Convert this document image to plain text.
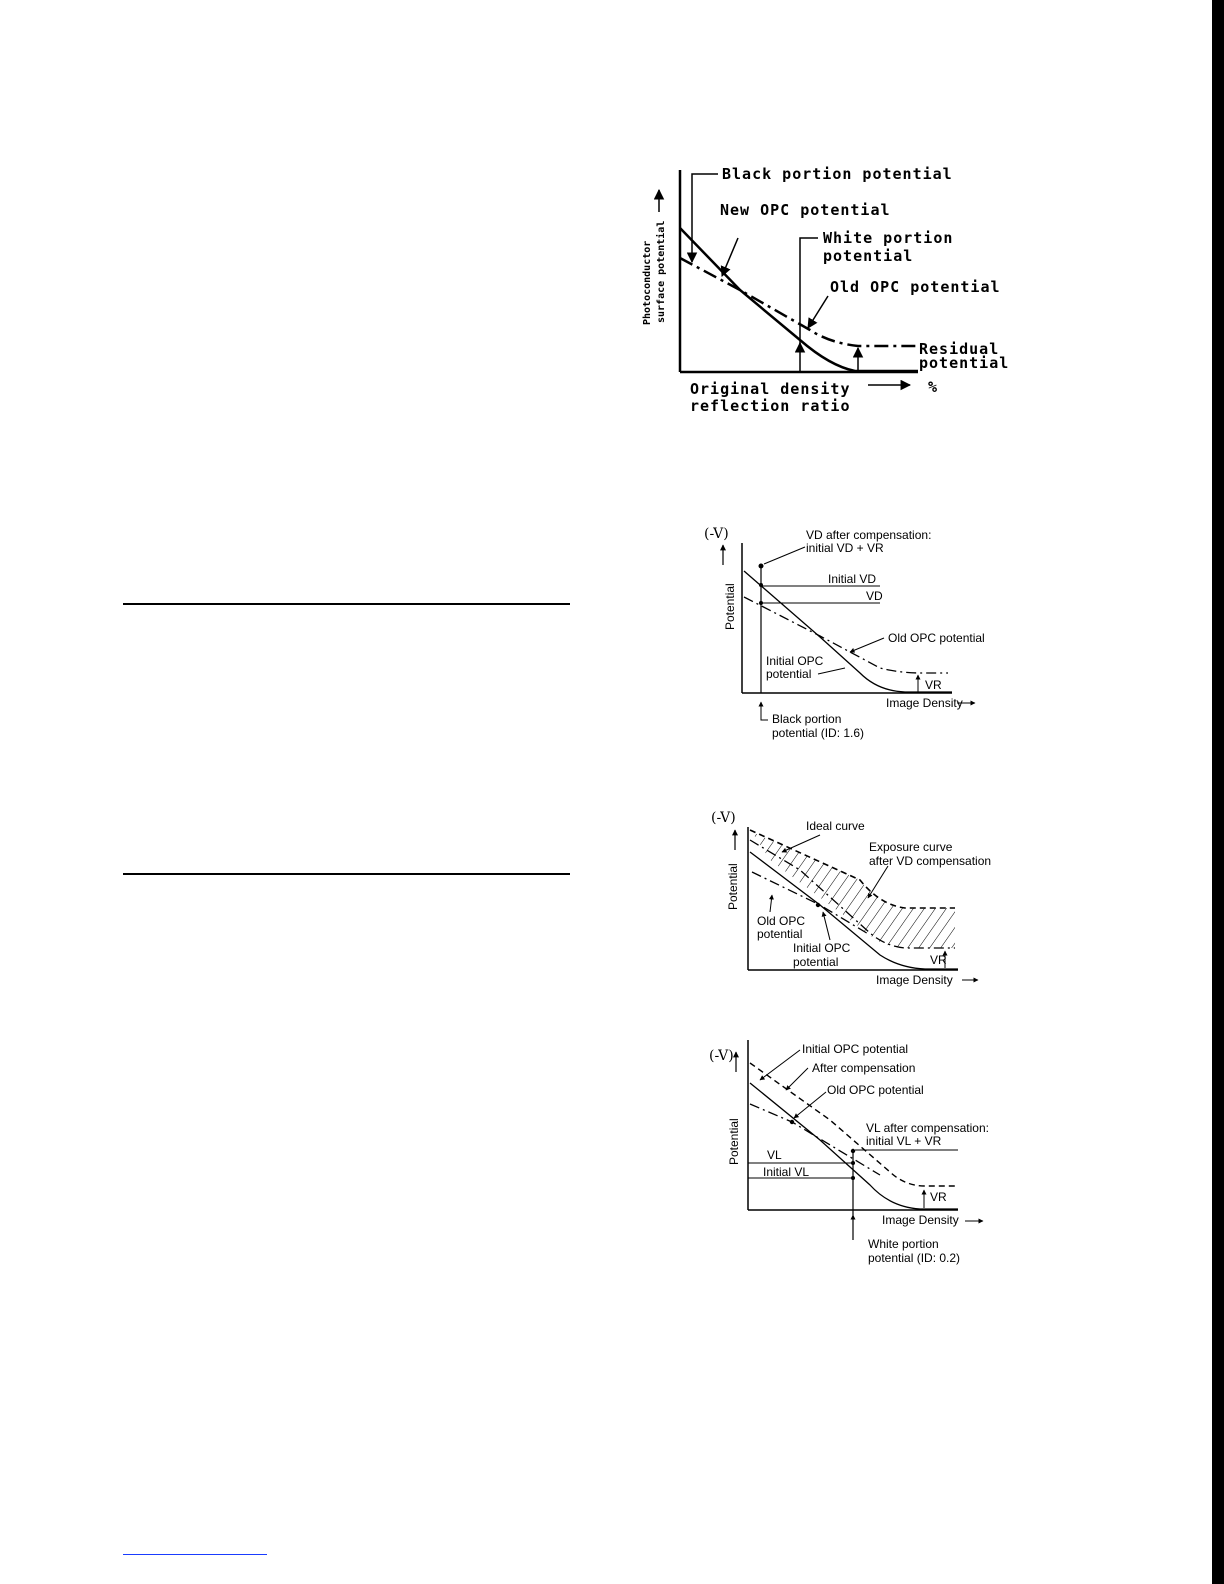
Black portion potential
New OPC potential
White portion
potential
Old OPC potential
Residual
potential
Original density
reflection ratio
%
Photoconductor surface potential
(-V)
Potential
VD after compensation:
initial VD + VR
Initial VD
VD
Old OPC potential
Initial OPC
potential
VR
Image Density
Black portion
potential (ID: 1.6)
(-V)
Potential
Ideal curve
Exposure curve
after VD compensation
Old OPC
potential
Initial OPC
potential	VR
Image Density
(-V)
Potential
Initial OPC potential
After compensation
Old OPC potential
VL after compensation:
initial VL + VR
VL
Initial VL
VR
Image Density
White portion
potential (ID: 0.2)
